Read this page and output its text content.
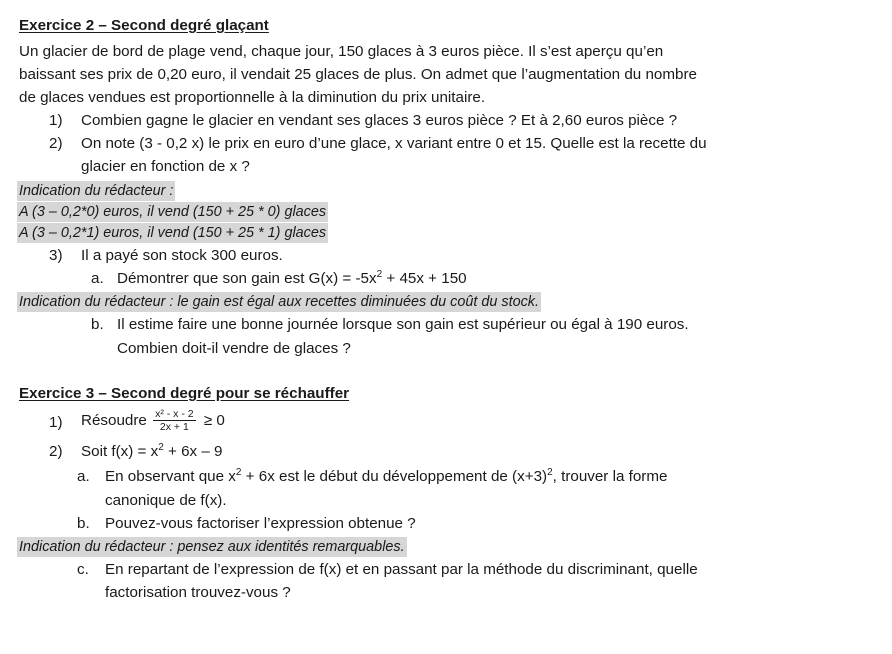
Exercice 2 – Second degré glaçant
Un glacier de bord de plage vend, chaque jour, 150 glaces à 3 euros pièce. Il s’est aperçu qu’en
baissant ses prix de 0,20 euro, il vendait 25 glaces de plus. On admet que l’augmentation du nombre
de glaces vendues est proportionnelle à la diminution du prix unitaire.
1) Combien gagne le glacier en vendant ses glaces 3 euros pièce ? Et à 2,60 euros pièce ?
2) On note (3 - 0,2 x) le prix en euro d’une glace, x variant entre 0 et 15. Quelle est la recette du
glacier en fonction de x ?
Indication du rédacteur :
A (3 – 0,2*0) euros, il vend (150 + 25 * 0) glaces
A (3 – 0,2*1) euros, il vend (150 + 25 * 1) glaces
3) Il a payé son stock 300 euros.
a. Démontrer que son gain est $G(x) = -5x^2 + 45x + 150$
Indication du rédacteur : le gain est égal aux recettes diminuées du coût du stock.
b. Il estime faire une bonne journée lorsque son gain est supérieur ou égal à 190 euros.
Combien doit-il vendre de glaces ?
Exercice 3 – Second degré pour se réchauffer
1) Résoudre $\frac{\text{x² - x - 2}}{2x + 1} \ge 0$
2) Soit $f(x) = x^2 + 6x - 9$
a. En observant que $x^2 + 6x$ est le début du développement de $(x+3)^2$, trouver la forme
canonique de f(x).
b. Pouvez-vous factoriser l’expression obtenue ?
Indication du rédacteur : pensez aux identités remarquables.
c. En repartant de l’expression de f(x) et en passant par la méthode du discriminant, quelle
factorisation trouvez-vous ?
